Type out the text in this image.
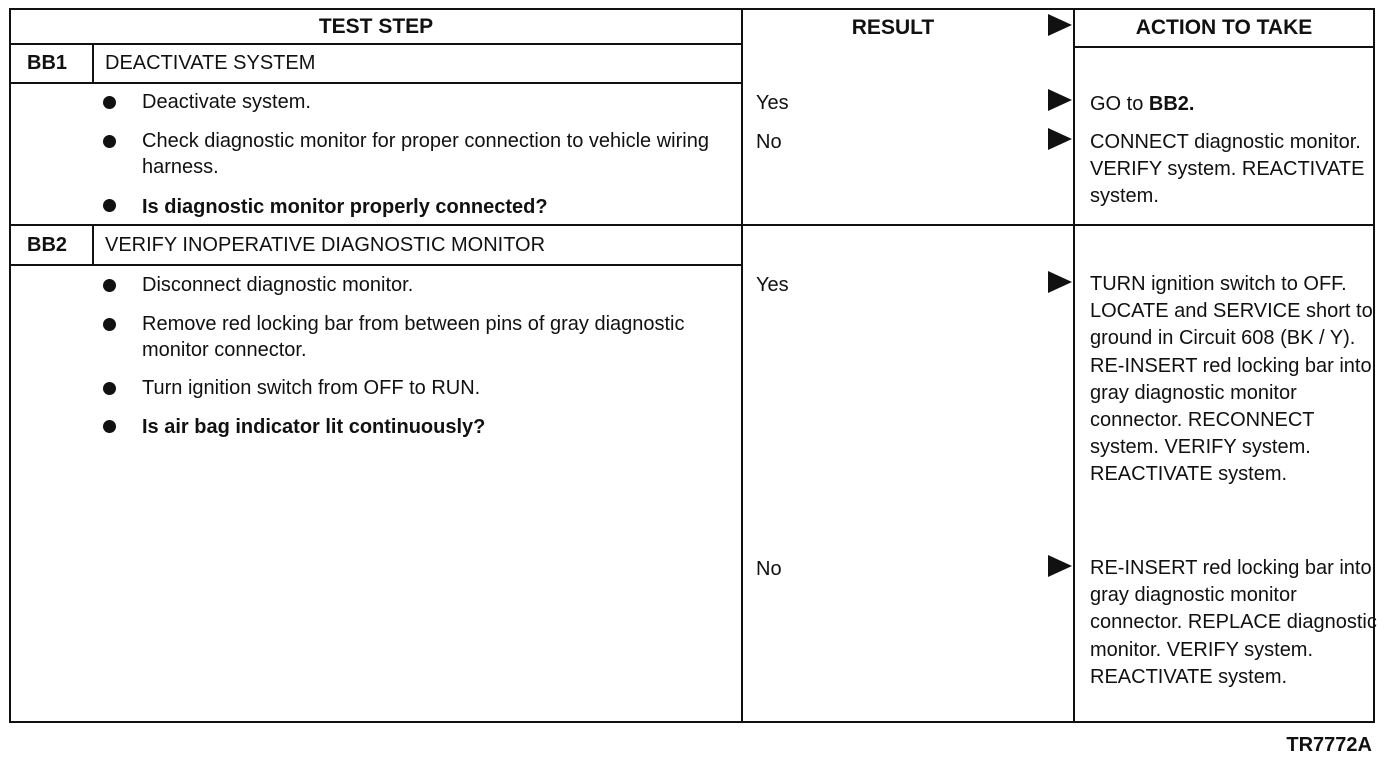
TEST STEP	RESULT	ACTION TO TAKE
BB1 DEACTIVATE SYSTEM
Deactivate system.
Check diagnostic monitor for proper connection to vehicle wiring harness.
Is diagnostic monitor properly connected?
Yes
No
GO to BB2.
CONNECT diagnostic monitor. VERIFY system. REACTIVATE system.
BB2 VERIFY INOPERATIVE DIAGNOSTIC MONITOR
Disconnect diagnostic monitor.
Remove red locking bar from between pins of gray diagnostic monitor connector.
Turn ignition switch from OFF to RUN.
Is air bag indicator lit continuously?
Yes
No
TURN ignition switch to OFF. LOCATE and SERVICE short to ground in Circuit 608 (BK / Y). RE-INSERT red locking bar into gray diagnostic monitor connector. RECONNECT system. VERIFY system. REACTIVATE system.
RE-INSERT red locking bar into gray diagnostic monitor connector. REPLACE diagnostic monitor. VERIFY system. REACTIVATE system.
TR7772A
